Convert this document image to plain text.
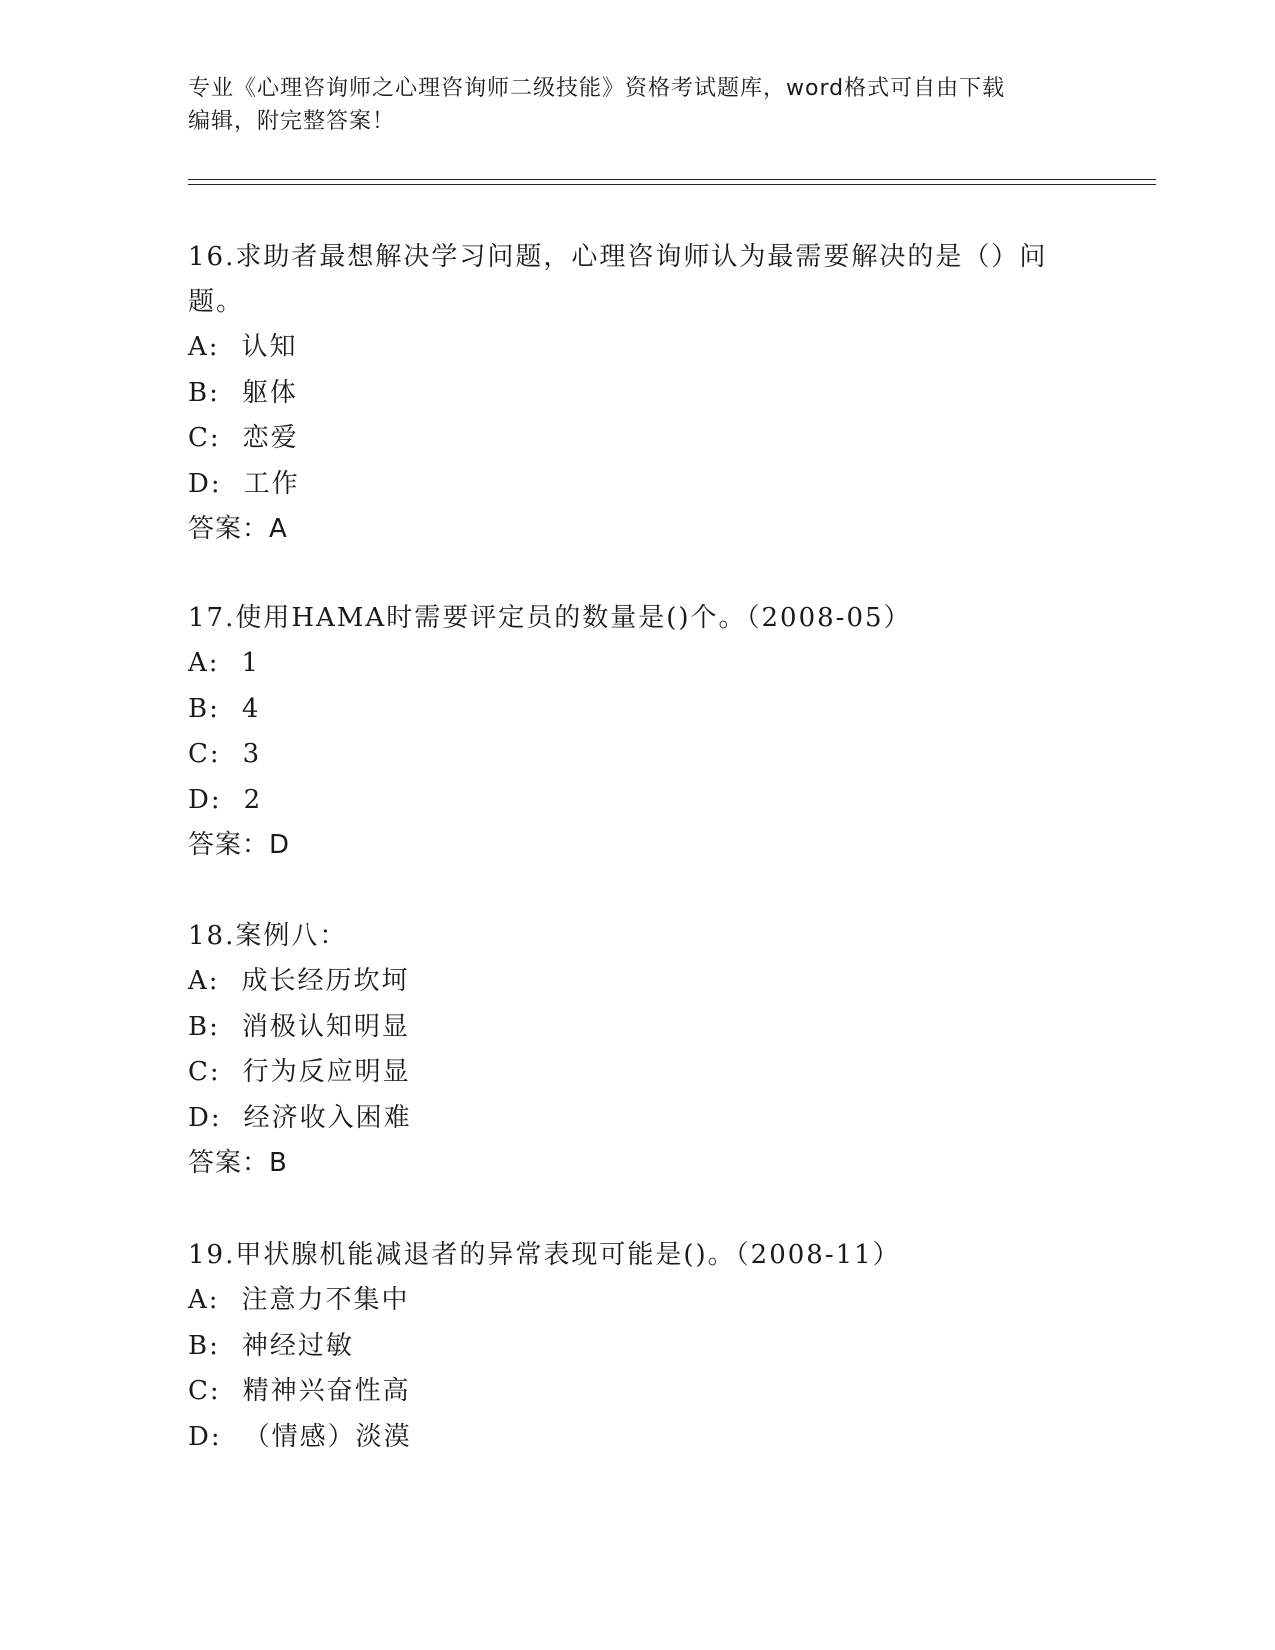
专业《心理咨询师之心理咨询师二级技能》资格考试题库，word格式可自由下载
编辑，附完整答案！

16.求助者最想解决学习问题，心理咨询师认为最需要解决的是（）问

题。

A: 认知

B: 躯体

C: 恋爱

D: 工作

答案：A

17.使用HAMA时需要评定员的数量是()个。（2008-05）

A: 1

B: 4

C: 3

D: 2

答案：D

18.案例八：

A: 成长经历坎坷

B: 消极认知明显

C: 行为反应明显

D: 经济收入困难

答案：B

19.甲状腺机能减退者的异常表现可能是()。（2008-11）

A: 注意力不集中

B: 神经过敏

C: 精神兴奋性高

D: （情感）淡漠
